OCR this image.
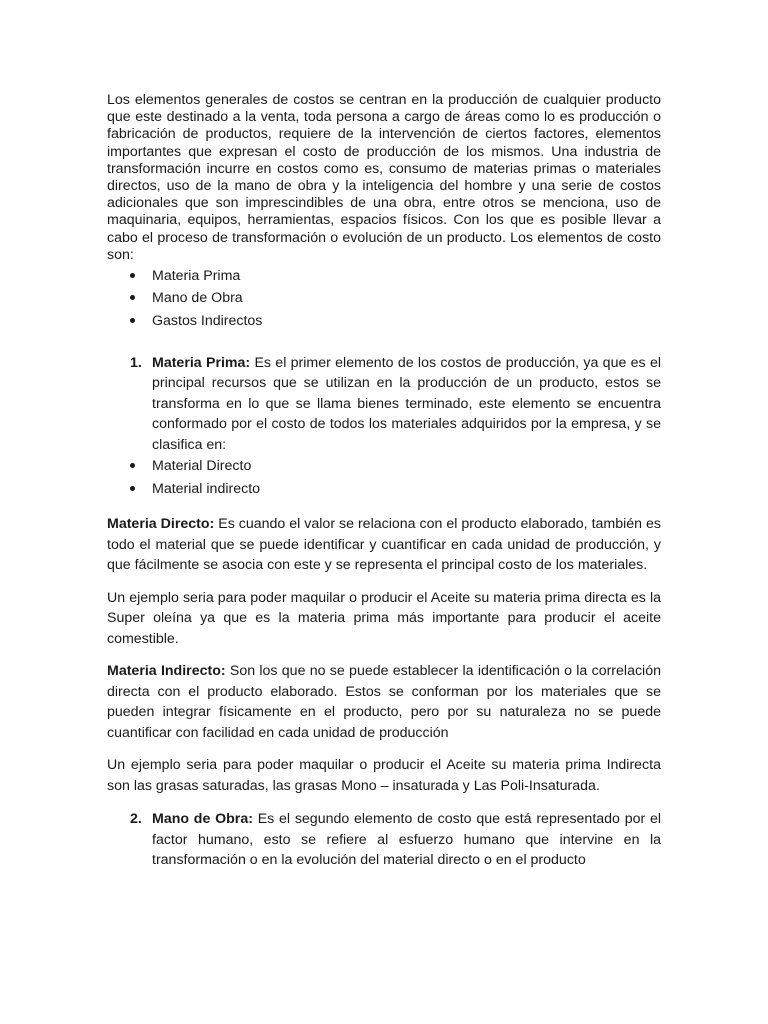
Los elementos generales de costos se centran en la producción de cualquier producto que este destinado a la venta, toda persona a cargo de áreas como lo es producción o fabricación de productos, requiere de la intervención de ciertos factores, elementos importantes que expresan el costo de producción de los mismos. Una industria de transformación incurre en costos como es, consumo de materias primas o materiales directos, uso de la mano de obra y la inteligencia del hombre y una serie de costos adicionales que son imprescindibles de una obra, entre otros se menciona, uso de maquinaria, equipos, herramientas, espacios físicos. Con los que es posible llevar a cabo el proceso de transformación o evolución de un producto. Los elementos de costo son:

Materia Prima
Mano de Obra
Gastos Indirectos
1. Materia Prima: Es el primer elemento de los costos de producción, ya que es el principal recursos que se utilizan en la producción de un producto, estos se transforma en lo que se llama bienes terminado, este elemento se encuentra conformado por el costo de todos los materiales adquiridos por la empresa, y se clasifica en:

Material Directo
Material indirecto

Materia Directo: Es cuando el valor se relaciona con el producto elaborado, también es todo el material que se puede identificar y cuantificar en cada unidad de producción, y que fácilmente se asocia con este y se representa el principal costo de los materiales.

Un ejemplo seria para poder maquilar o producir el Aceite su materia prima directa es la Super oleína ya que es la materia prima más importante para producir el aceite comestible.

Materia Indirecto: Son los que no se puede establecer la identificación o la correlación directa con el producto elaborado. Estos se conforman por los materiales que se pueden integrar físicamente en el producto, pero por su naturaleza no se puede cuantificar con facilidad en cada unidad de producción

Un ejemplo seria para poder maquilar o producir el Aceite su materia prima Indirecta son las grasas saturadas, las grasas Mono – insaturada y Las Poli-Insaturada.

2. Mano de Obra: Es el segundo elemento de costo que está representado por el factor humano, esto se refiere al esfuerzo humano que intervine en la transformación o en la evolución del material directo o en el producto
